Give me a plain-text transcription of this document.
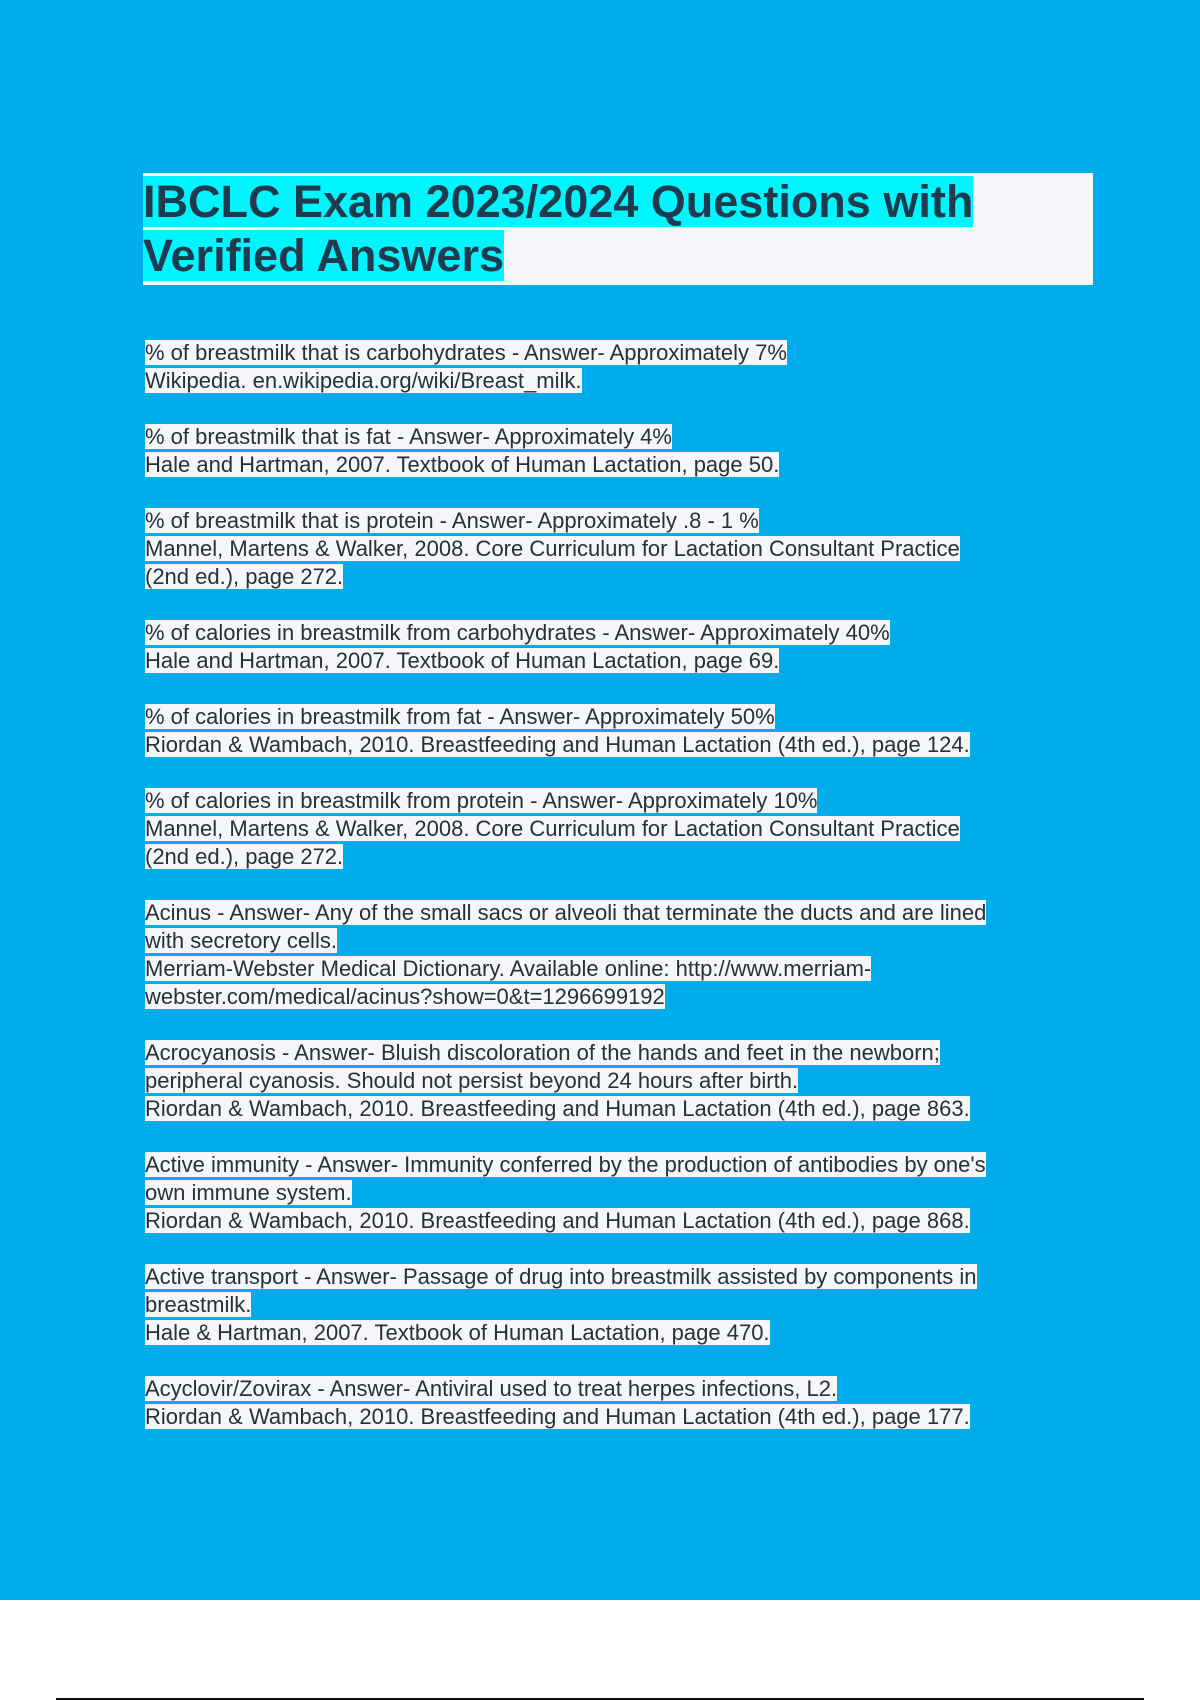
IBCLC Exam 2023/2024 Questions with
Verified Answers
% of breastmilk that is carbohydrates - Answer- Approximately 7%
Wikipedia. en.wikipedia.org/wiki/Breast_milk.
% of breastmilk that is fat - Answer- Approximately 4%
Hale and Hartman, 2007. Textbook of Human Lactation, page 50.
% of breastmilk that is protein - Answer- Approximately .8 - 1 %
Mannel, Martens & Walker, 2008. Core Curriculum for Lactation Consultant Practice
(2nd ed.), page 272.
% of calories in breastmilk from carbohydrates - Answer- Approximately 40%
Hale and Hartman, 2007. Textbook of Human Lactation, page 69.
% of calories in breastmilk from fat - Answer- Approximately 50%
Riordan & Wambach, 2010. Breastfeeding and Human Lactation (4th ed.), page 124.
% of calories in breastmilk from protein - Answer- Approximately 10%
Mannel, Martens & Walker, 2008. Core Curriculum for Lactation Consultant Practice
(2nd ed.), page 272.
Acinus - Answer- Any of the small sacs or alveoli that terminate the ducts and are lined
with secretory cells.
Merriam-Webster Medical Dictionary. Available online: http://www.merriam-
webster.com/medical/acinus?show=0&t=1296699192
Acrocyanosis - Answer- Bluish discoloration of the hands and feet in the newborn;
peripheral cyanosis. Should not persist beyond 24 hours after birth.
Riordan & Wambach, 2010. Breastfeeding and Human Lactation (4th ed.), page 863.
Active immunity - Answer- Immunity conferred by the production of antibodies by one's
own immune system.
Riordan & Wambach, 2010. Breastfeeding and Human Lactation (4th ed.), page 868.
Active transport - Answer- Passage of drug into breastmilk assisted by components in
breastmilk.
Hale & Hartman, 2007. Textbook of Human Lactation, page 470.
Acyclovir/Zovirax - Answer- Antiviral used to treat herpes infections, L2.
Riordan & Wambach, 2010. Breastfeeding and Human Lactation (4th ed.), page 177.
